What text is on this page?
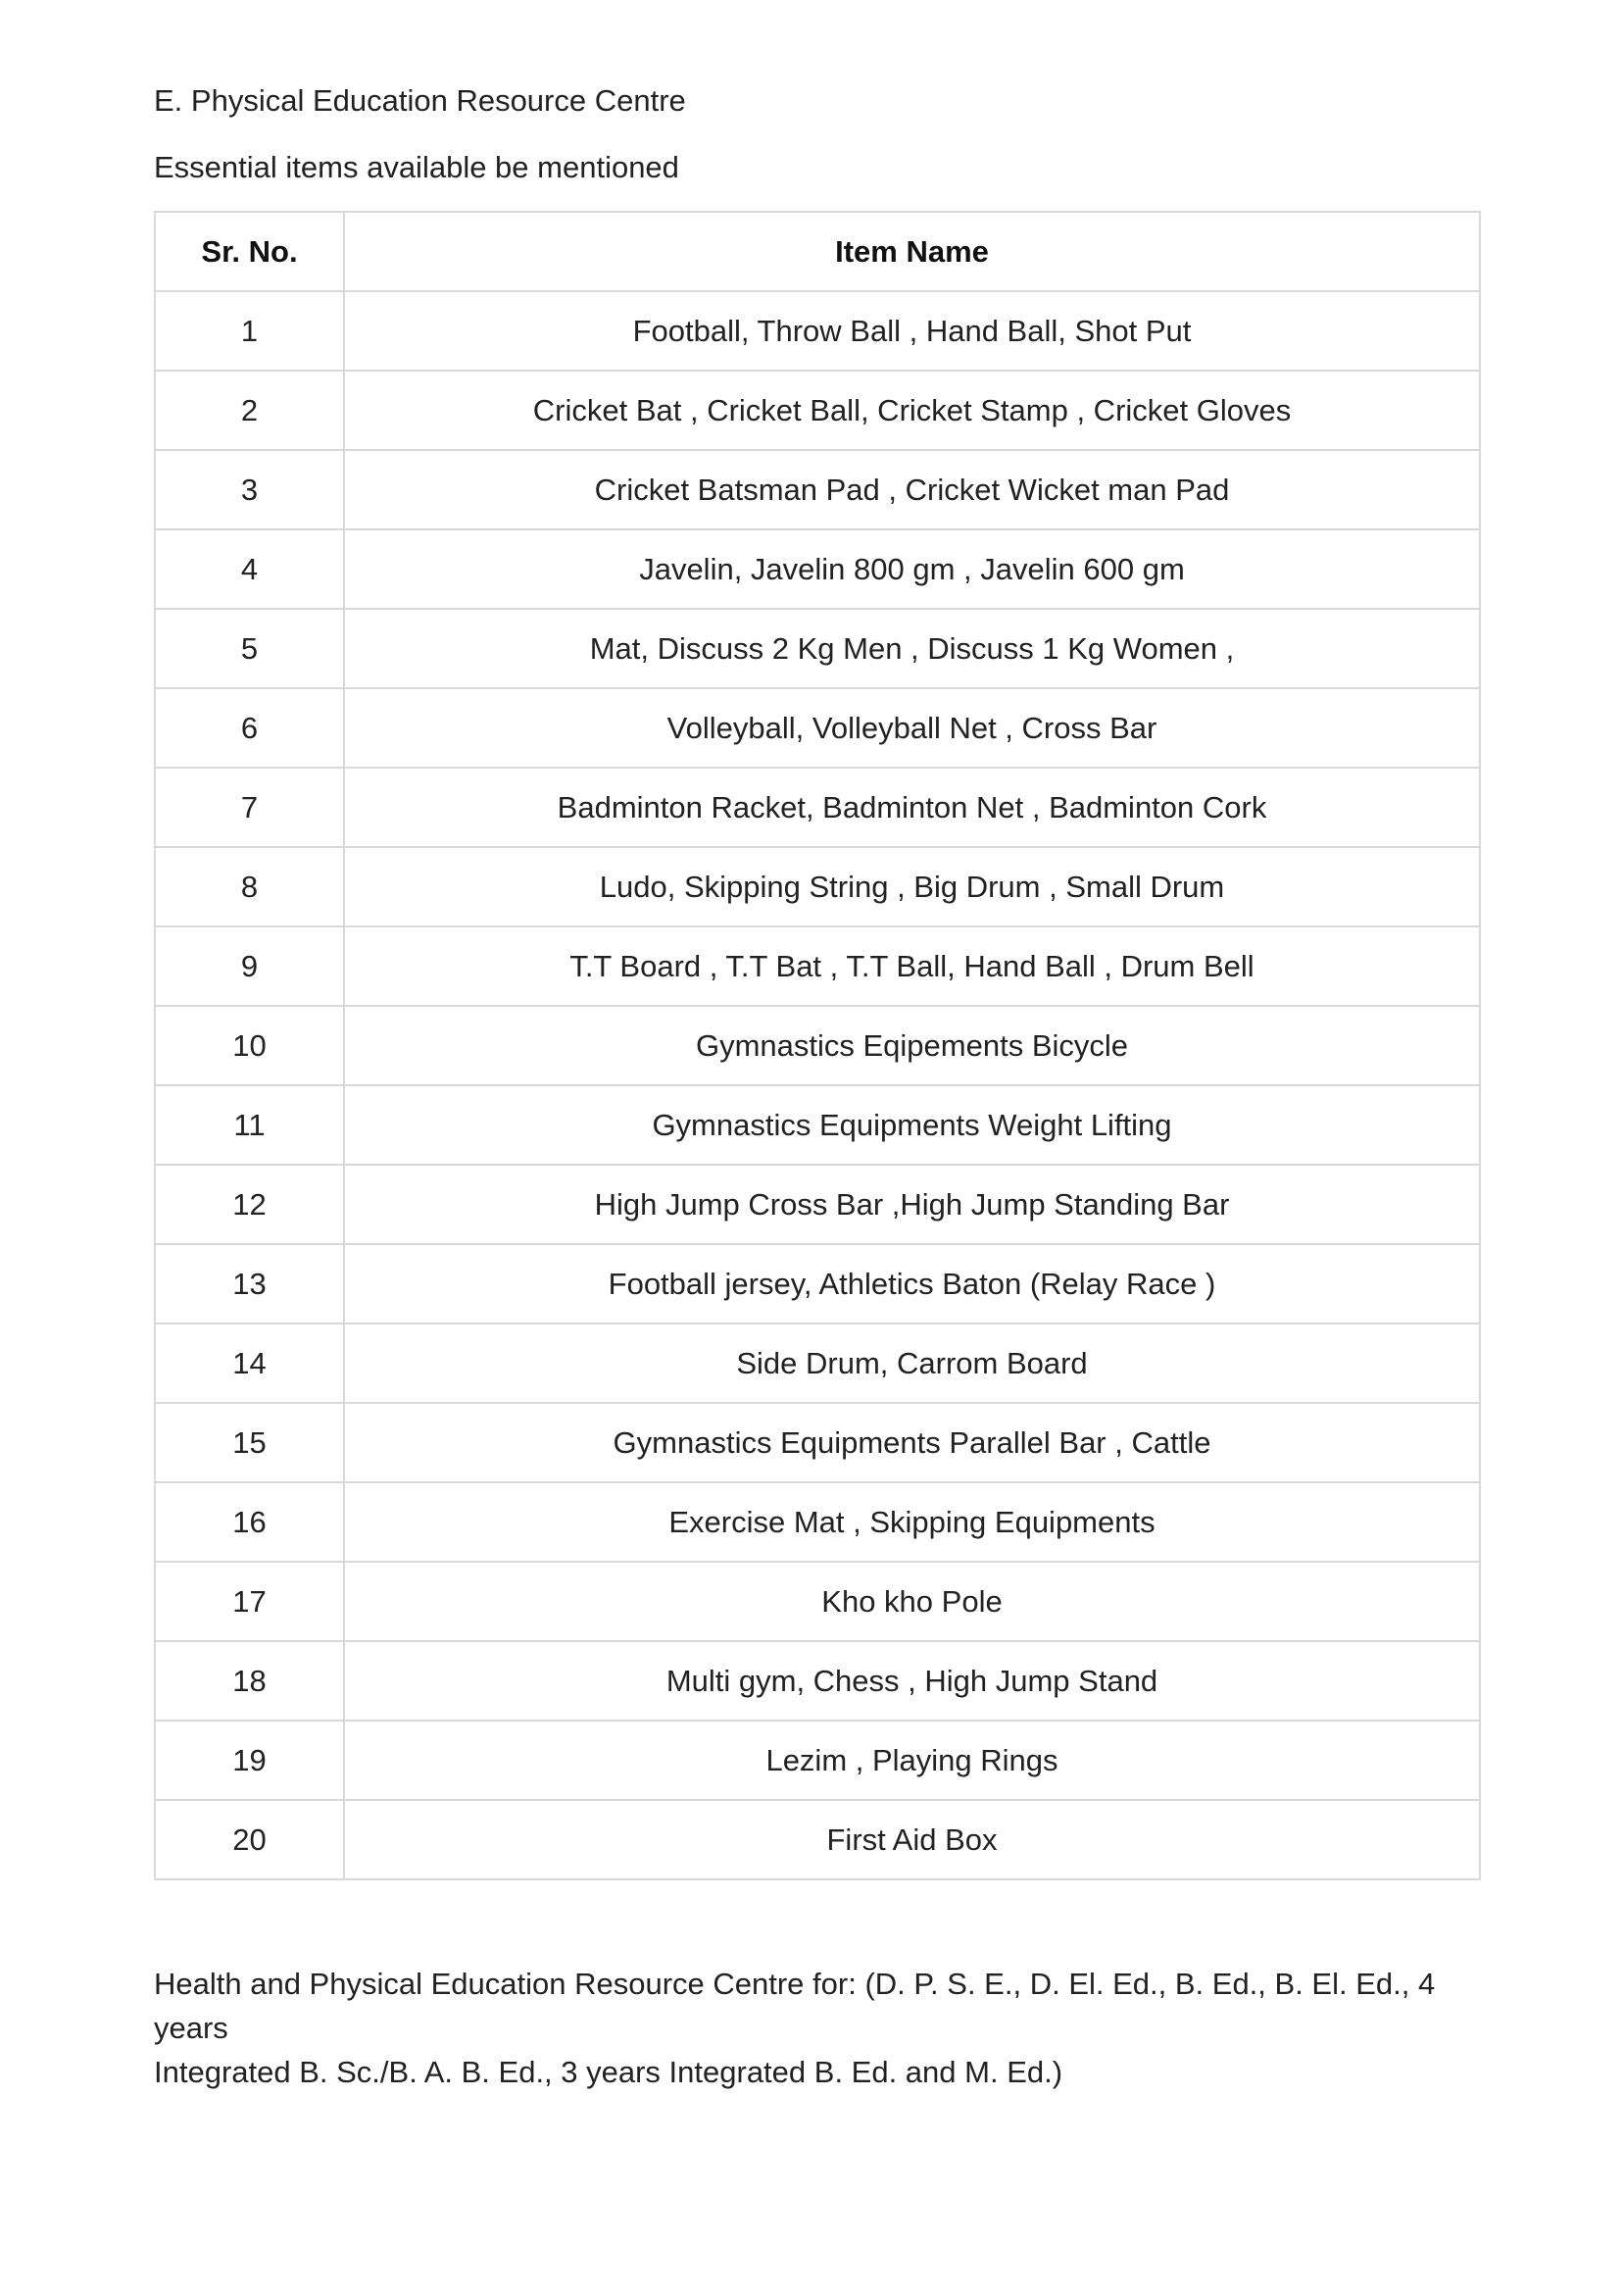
E. Physical Education Resource Centre

Essential items available be mentioned

Sr. No.	Item Name
1	Football, Throw Ball , Hand Ball, Shot Put
2	Cricket Bat , Cricket Ball, Cricket Stamp , Cricket Gloves
3	Cricket Batsman Pad , Cricket Wicket man Pad
4	Javelin, Javelin 800 gm , Javelin 600 gm
5	Mat, Discuss 2 Kg Men , Discuss 1 Kg Women ,
6	Volleyball, Volleyball Net , Cross Bar
7	Badminton Racket, Badminton Net , Badminton Cork
8	Ludo, Skipping String , Big Drum , Small Drum
9	T.T Board , T.T Bat , T.T Ball, Hand Ball , Drum Bell
10	Gymnastics Eqipements Bicycle
11	Gymnastics Equipments Weight Lifting
12	High Jump Cross Bar ,High Jump Standing Bar
13	Football jersey, Athletics Baton (Relay Race )
14	Side Drum, Carrom Board
15	Gymnastics Equipments Parallel Bar , Cattle
16	Exercise Mat , Skipping Equipments
17	Kho kho Pole
18	Multi gym, Chess , High Jump Stand
19	Lezim , Playing Rings
20	First Aid Box

Health and Physical Education Resource Centre for: (D. P. S. E., D. El. Ed., B. Ed., B. El. Ed., 4 years
Integrated B. Sc./B. A. B. Ed., 3 years Integrated B. Ed. and M. Ed.)
